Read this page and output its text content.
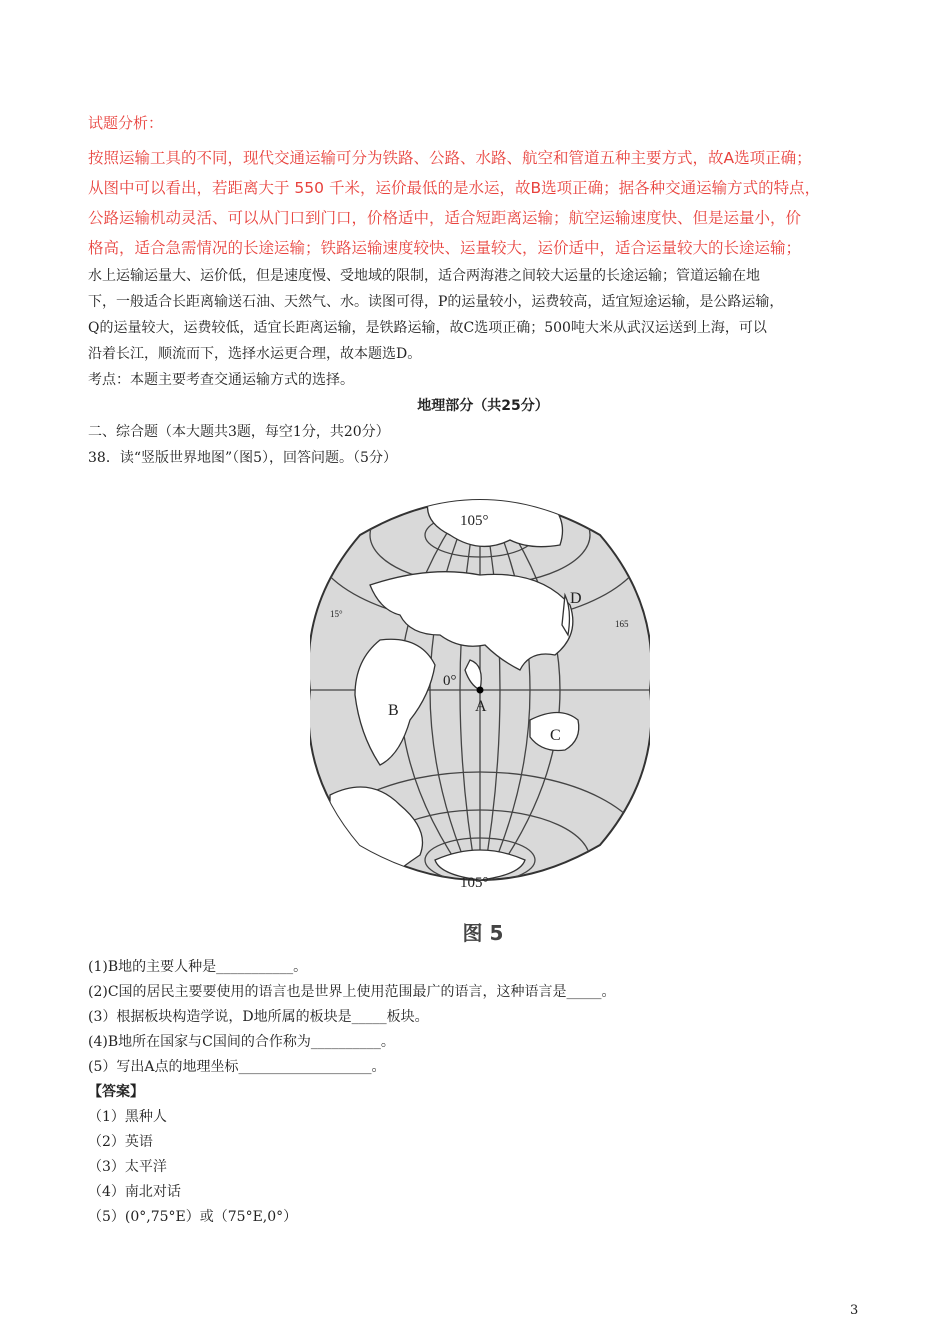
试题分析：

按照运输工具的不同，现代交通运输可分为铁路、公路、水路、航空和管道五种主要方式，故A选项正确；

从图中可以看出，若距离大于 550 千米，运价最低的是水运，故B选项正确；据各种交通运输方式的特点，

公路运输机动灵活、可以从门口到门口，价格适中，适合短距离运输；航空运输速度快、但是运量小，价

格高，适合急需情况的长途运输；铁路运输速度较快、运量较大，运价适中，适合运量较大的长途运输；

水上运输运量大、运价低，但是速度慢、受地域的限制，适合两海港之间较大运量的长途运输；管道运输在地

下，一般适合长距离输送石油、天然气、水。读图可得，P的运量较小，运费较高，适宜短途运输，是公路运输，

Q的运量较大，运费较低，适宜长距离运输，是铁路运输，故C选项正确；500吨大米从武汉运送到上海，可以

沿着长江，顺流而下，选择水运更合理，故本题选D。

考点：本题主要考查交通运输方式的选择。

地理部分（共25分）

二、综合题（本大题共3题，每空1分，共20分）

38．读“竖版世界地图”（图5），回答问题。（5分）

105°
105°
15°
165
0°
A
B
C
D
图 5

(1)B地的主要人种是___________。

(2)C国的居民主要要使用的语言也是世界上使用范围最广的语言，这种语言是_____。

(3）根据板块构造学说，D地所属的板块是_____板块。

(4)B地所在国家与C国间的合作称为__________。

(5）写出A点的地理坐标___________________。

【答案】

（1）黑种人

（2）英语

（3）太平洋

（4）南北对话

（5）(0°,75°E）或（75°E,0°）

3
